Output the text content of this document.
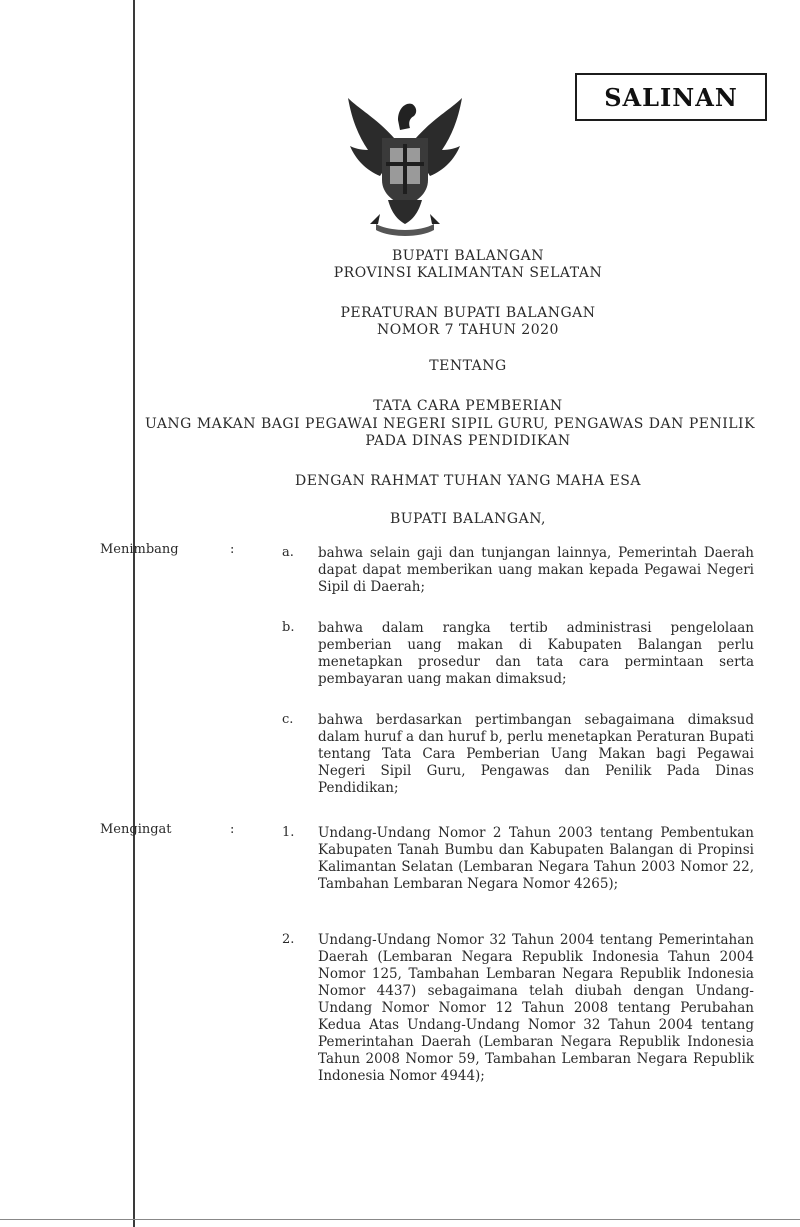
SALINAN
BUPATI BALANGAN
PROVINSI KALIMANTAN SELATAN
PERATURAN BUPATI BALANGAN
NOMOR 7 TAHUN 2020
TENTANG
TATA CARA PEMBERIAN
UANG MAKAN BAGI PEGAWAI NEGERI SIPIL GURU, PENGAWAS DAN PENILIK
PADA DINAS PENDIDIKAN
DENGAN RAHMAT TUHAN YANG MAHA ESA
BUPATI BALANGAN,
Menimbang	:	a. bahwa selain gaji dan tunjangan lainnya, Pemerintah Daerah dapat dapat memberikan uang makan kepada Pegawai Negeri Sipil di Daerah;
b. bahwa dalam rangka tertib administrasi pengelolaan pemberian uang makan di Kabupaten Balangan perlu menetapkan prosedur dan tata cara permintaan serta pembayaran uang makan dimaksud;
c. bahwa berdasarkan pertimbangan sebagaimana dimaksud dalam huruf a dan huruf b, perlu menetapkan Peraturan Bupati tentang Tata Cara Pemberian Uang Makan bagi Pegawai Negeri Sipil Guru, Pengawas dan Penilik Pada Dinas Pendidikan;
Mengingat	:	1. Undang-Undang Nomor 2 Tahun 2003 tentang Pembentukan Kabupaten Tanah Bumbu dan Kabupaten Balangan di Propinsi Kalimantan Selatan (Lembaran Negara Tahun 2003 Nomor 22, Tambahan Lembaran Negara Nomor 4265);
2. Undang-Undang Nomor 32 Tahun 2004 tentang Pemerintahan Daerah (Lembaran Negara Republik Indonesia Tahun 2004 Nomor 125, Tambahan Lembaran Negara Republik Indonesia Nomor 4437) sebagaimana telah diubah dengan Undang-Undang Nomor Nomor 12 Tahun 2008 tentang Perubahan Kedua Atas Undang-Undang Nomor 32 Tahun 2004 tentang Pemerintahan Daerah (Lembaran Negara Republik Indonesia Tahun 2008 Nomor 59, Tambahan Lembaran Negara Republik Indonesia Nomor 4944);
